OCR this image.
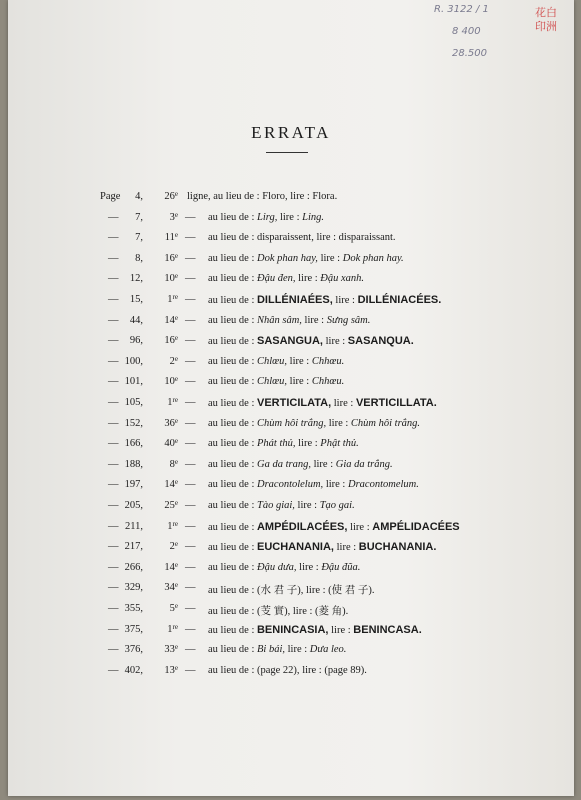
R. 3122 / 1
8 400
28.500
花白
印洲
ERRATA
Page	4,	26e ligne, au lieu de : Floro, lire : Flora.
—	7,	3e — au lieu de : Lirg, lire : Ling.
—	7,	11e — au lieu de : disparaissent, lire : disparaissant.
—	8,	16e — au lieu de : Dok phan hay, lire : Dok phan hay.
—	12,	10e — au lieu de : Đậu đen, lire : Đậu xanh.
—	15,	1re — au lieu de : DILLÉNIAÉES, lire : DILLÉNIACÉES.
—	44,	14e — au lieu de : Nhân sâm, lire : Sưng sâm.
—	96,	16e — au lieu de : SASANGUA, lire : SASANQUA.
— 100,	2e — au lieu de : Chlœu, lire : Chhœu.
— 101,	10e — au lieu de : Chlœu, lire : Chhœu.
— 105,	1re — au lieu de : VERTICILATA, lire : VERTICILLATA.
— 152,	36e — au lieu de : Chùm hôi trắng, lire : Chùm hôi trắng.
— 166,	40e — au lieu de : Phát thủ, lire : Phật thủ.
— 188,	8e — au lieu de : Ga da trang, lire : Gia da trắng.
— 197,	14e — au lieu de : Dracontolelum, lire : Dracontomelum.
— 205,	25e — au lieu de : Tào giai, lire : Tạo gai.
— 211,	1re — au lieu de : AMPÉDILACÉES, lire : AMPÉLIDACÉES
— 217,	2e — au lieu de : EUCHANANIA, lire : BUCHANANIA.
— 266,	14e — au lieu de : Đậu dưa, lire : Đậu đũa.
— 329,	34e — au lieu de : (水 君 子), lire : (使 君 子).
— 355,	5e — au lieu de : (芰 實), lire : (菱 角).
— 375,	1re — au lieu de : BENINCASIA, lire : BENINCASA.
— 376,	33e — au lieu de : Bi bái, lire : Dưa leo.
— 402,	13e — au lieu de : (page 22), lire : (page 89).
